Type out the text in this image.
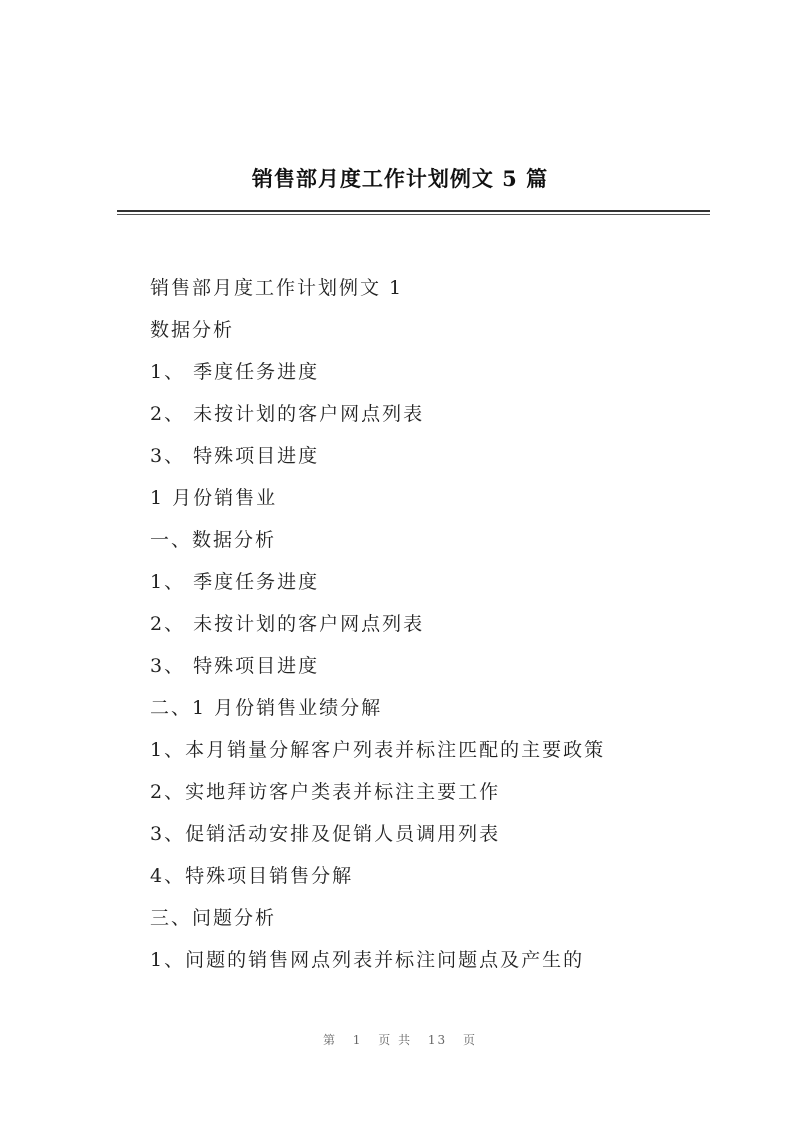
销售部月度工作计划例文 5 篇
销售部月度工作计划例文 1
数据分析
1、 季度任务进度
2、 未按计划的客户网点列表
3、 特殊项目进度
1 月份销售业
一、数据分析
1、 季度任务进度
2、 未按计划的客户网点列表
3、 特殊项目进度
二、1 月份销售业绩分解
1、本月销量分解客户列表并标注匹配的主要政策
2、实地拜访客户类表并标注主要工作
3、促销活动安排及促销人员调用列表
4、特殊项目销售分解
三、问题分析
1、问题的销售网点列表并标注问题点及产生的
第 1 页 共 13 页
